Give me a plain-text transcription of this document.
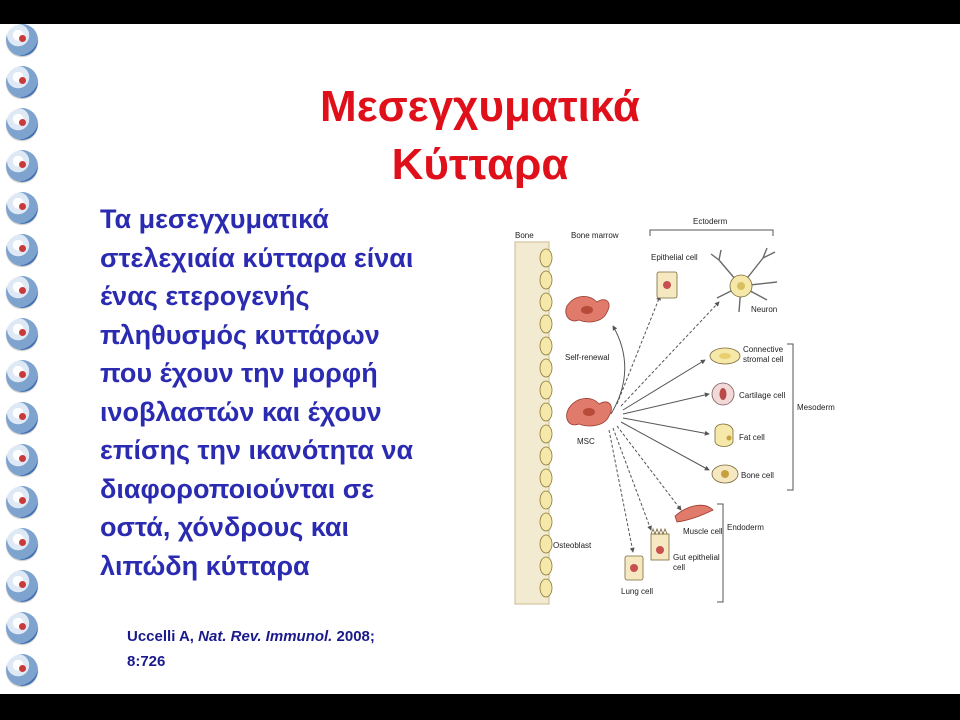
Μεσεγχυματικά
Κύτταρα
Τα μεσεγχυματικά
στελεχιαία κύτταρα είναι
ένας ετερογενής
πληθυσμός κυττάρων
που έχουν την μορφή
ινοβλαστών και έχουν
επίσης την ικανότητα να
διαφοροποιούνται σε
οστά, χόνδρους και
λιπώδη κύτταρα
Uccelli A, Nat. Rev. Immunol. 2008;
8:726
Bone	Bone marrow
Ectoderm
Epithelial cell
Neuron
Self-renewal
MSC
Connective
stromal cell
Cartilage cell
Fat cell
Bone cell
Mesoderm
Muscle cell Endoderm
Gut epithelial
cell
Osteoblast
Lung cell
